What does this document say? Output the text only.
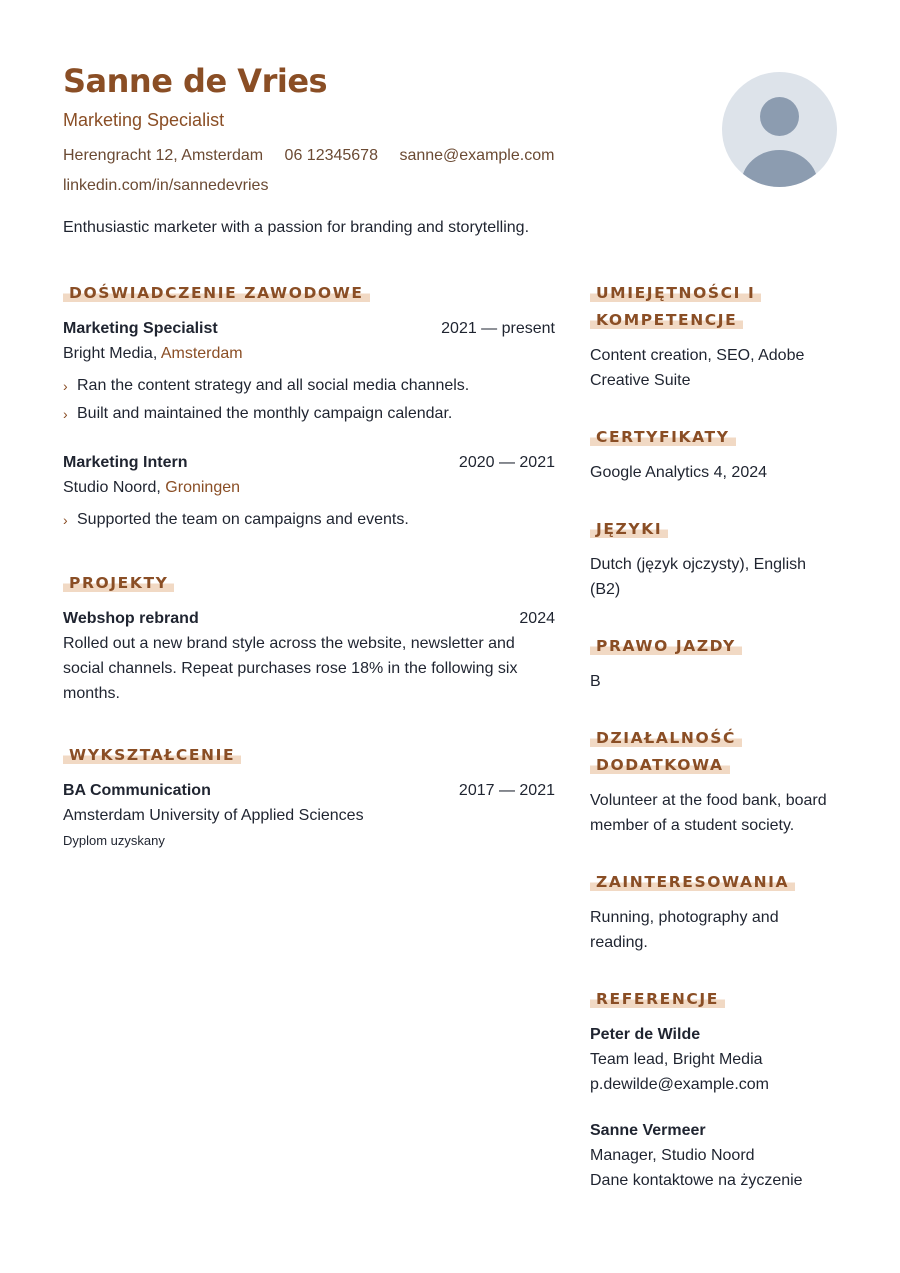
Sanne de Vries
Marketing Specialist
Herengracht 12, Amsterdam 06 12345678 sanne@example.com
linkedin.com/in/sannedevries
Enthusiastic marketer with a passion for branding and storytelling.
DOŚWIADCZENIE ZAWODOWE
Marketing Specialist	2021 — present
Bright Media, Amsterdam
› Ran the content strategy and all social media channels.
› Built and maintained the monthly campaign calendar.
Marketing Intern	2020 — 2021
Studio Noord, Groningen
› Supported the team on campaigns and events.
PROJEKTY
Webshop rebrand	2024
Rolled out a new brand style across the website, newsletter and social channels. Repeat purchases rose 18% in the following six months.
WYKSZTAŁCENIE
BA Communication	2017 — 2021
Amsterdam University of Applied Sciences
Dyplom uzyskany
UMIEJĘTNOŚCI I KOMPETENCJE
Content creation, SEO, Adobe Creative Suite
CERTYFIKATY
Google Analytics 4, 2024
JĘZYKI
Dutch (język ojczysty), English (B2)
PRAWO JAZDY
B
DZIAŁALNOŚĆ DODATKOWA
Volunteer at the food bank, board member of a student society.
ZAINTERESOWANIA
Running, photography and reading.
REFERENCJE
Peter de Wilde
Team lead, Bright Media
p.dewilde@example.com
Sanne Vermeer
Manager, Studio Noord
Dane kontaktowe na życzenie
